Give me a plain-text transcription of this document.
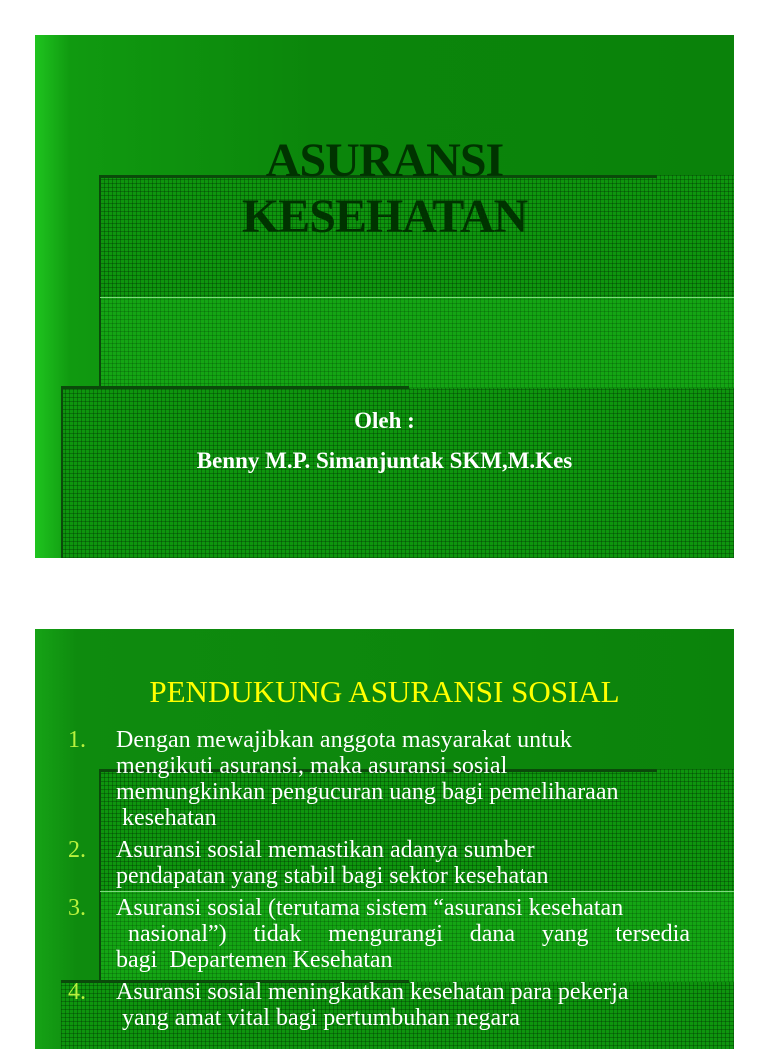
ASURANSI
KESEHATAN
Oleh :
Benny M.P. Simanjuntak SKM,M.Kes
PENDUKUNG ASURANSI SOSIAL
1.	Dengan mewajibkan anggota masyarakat untuk
mengikuti asuransi, maka asuransi sosial
memungkinkan pengucuran uang bagi pemeliharaan
kesehatan
2.	Asuransi sosial memastikan adanya sumber
pendapatan yang stabil bagi sektor kesehatan
3.	Asuransi sosial (terutama sistem “asuransi kesehatan
nasional”) tidak mengurangi dana yang tersedia
bagi  Departemen Kesehatan
4.	Asuransi sosial meningkatkan kesehatan para pekerja
yang amat vital bagi pertumbuhan negara
